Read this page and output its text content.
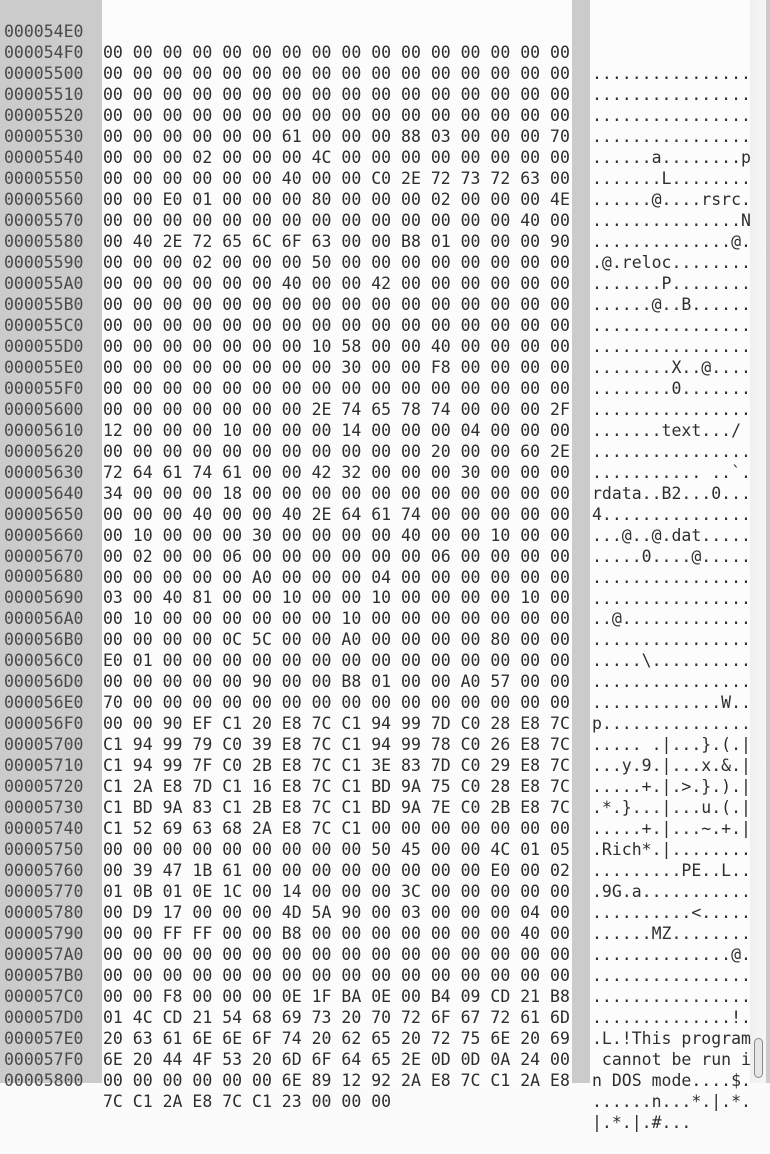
000054E0

00 00 00 00 00 00 00 00 00 00 00 00 00 00 00 00

................

000054F0

00 00 00 00 00 00 00 00 00 00 00 00 00 00 00 00

................

00005500

00 00 00 00 00 00 00 00 00 00 00 00 00 00 00 00

................

00005510

00 00 00 00 00 00 00 00 00 00 00 00 00 00 00 00

................

00005520

00 00 00 00 00 00 61 00 00 00 88 03 00 00 00 70

......a........p

00005530

00 00 00 02 00 00 00 4C 00 00 00 00 00 00 00 00

.......L........

00005540

00 00 00 00 00 00 40 00 00 C0 2E 72 73 72 63 00

......@....rsrc.

00005550

00 00 E0 01 00 00 00 80 00 00 00 02 00 00 00 4E

...............N

00005560

00 00 00 00 00 00 00 00 00 00 00 00 00 00 40 00

..............@.

00005570

00 40 2E 72 65 6C 6F 63 00 00 B8 01 00 00 00 90

.@.reloc........

00005580

00 00 00 02 00 00 00 50 00 00 00 00 00 00 00 00

.......P........

00005590

00 00 00 00 00 00 40 00 00 42 00 00 00 00 00 00

......@..B......

000055A0

00 00 00 00 00 00 00 00 00 00 00 00 00 00 00 00

................

000055B0

00 00 00 00 00 00 00 00 00 00 00 00 00 00 00 00

................

000055C0

00 00 00 00 00 00 00 10 58 00 00 40 00 00 00 00

........X..@....

000055D0

00 00 00 00 00 00 00 00 30 00 00 F8 00 00 00 00

........0.......

000055E0

00 00 00 00 00 00 00 00 00 00 00 00 00 00 00 00

................

000055F0

00 00 00 00 00 00 00 2E 74 65 78 74 00 00 00 2F

.......text.../

00005600

12 00 00 00 10 00 00 00 14 00 00 00 04 00 00 00

................

00005610

00 00 00 00 00 00 00 00 00 00 00 20 00 00 60 2E

........... ..`.

00005620

72 64 61 74 61 00 00 42 32 00 00 00 30 00 00 00

rdata..B2...0...

00005630

34 00 00 00 18 00 00 00 00 00 00 00 00 00 00 00

4...............

00005640

00 00 00 40 00 00 40 2E 64 61 74 00 00 00 00 00

...@..@.dat.....

00005650

00 10 00 00 00 30 00 00 00 00 40 00 00 10 00 00

.....0....@.....

00005660

00 02 00 00 06 00 00 00 00 00 00 06 00 00 00 00

................

00005670

00 00 00 00 00 A0 00 00 00 04 00 00 00 00 00 00

................

00005680

03 00 40 81 00 00 10 00 00 10 00 00 00 00 10 00

..@.............

00005690

00 10 00 00 00 00 00 00 10 00 00 00 00 00 00 00

................

000056A0

00 00 00 00 0C 5C 00 00 A0 00 00 00 00 80 00 00

.....\..........

000056B0

E0 01 00 00 00 00 00 00 00 00 00 00 00 00 00 00

................

000056C0

00 00 00 00 00 90 00 00 B8 01 00 00 A0 57 00 00

.............W..

000056D0

70 00 00 00 00 00 00 00 00 00 00 00 00 00 00 00

p...............

000056E0

00 00 90 EF C1 20 E8 7C C1 94 99 7D C0 28 E8 7C

..... .|...}.(.|

000056F0

C1 94 99 79 C0 39 E8 7C C1 94 99 78 C0 26 E8 7C

...y.9.|...x.&.|

00005700

C1 94 99 7F C0 2B E8 7C C1 3E 83 7D C0 29 E8 7C

.....+.|.>.}.).|

00005710

C1 2A E8 7D C1 16 E8 7C C1 BD 9A 75 C0 28 E8 7C

.*.}...|...u.(.|

00005720

C1 BD 9A 83 C1 2B E8 7C C1 BD 9A 7E C0 2B E8 7C

.....+.|...~.+.|

00005730

C1 52 69 63 68 2A E8 7C C1 00 00 00 00 00 00 00

.Rich*.|........

00005740

00 00 00 00 00 00 00 00 00 50 45 00 00 4C 01 05

.........PE..L..

00005750

00 39 47 1B 61 00 00 00 00 00 00 00 00 E0 00 02

.9G.a...........

00005760

01 0B 01 0E 1C 00 14 00 00 00 3C 00 00 00 00 00

..........<.....

00005770

00 D9 17 00 00 00 4D 5A 90 00 03 00 00 00 04 00

......MZ........

00005780

00 00 FF FF 00 00 B8 00 00 00 00 00 00 00 40 00

..............@.

00005790

00 00 00 00 00 00 00 00 00 00 00 00 00 00 00 00

................

000057A0

00 00 00 00 00 00 00 00 00 00 00 00 00 00 00 00

................

000057B0

00 00 F8 00 00 00 0E 1F BA 0E 00 B4 09 CD 21 B8

..............!.

000057C0

01 4C CD 21 54 68 69 73 20 70 72 6F 67 72 61 6D

.L.!This program

000057D0

20 63 61 6E 6E 6F 74 20 62 65 20 72 75 6E 20 69

cannot be run i

000057E0

6E 20 44 4F 53 20 6D 6F 64 65 2E 0D 0D 0A 24 00

n DOS mode....$.

000057F0

00 00 00 00 00 00 6E 89 12 92 2A E8 7C C1 2A E8

......n...*.|.*.

00005800

7C C1 2A E8 7C C1 23 00 00 00

|.*.|.#...
